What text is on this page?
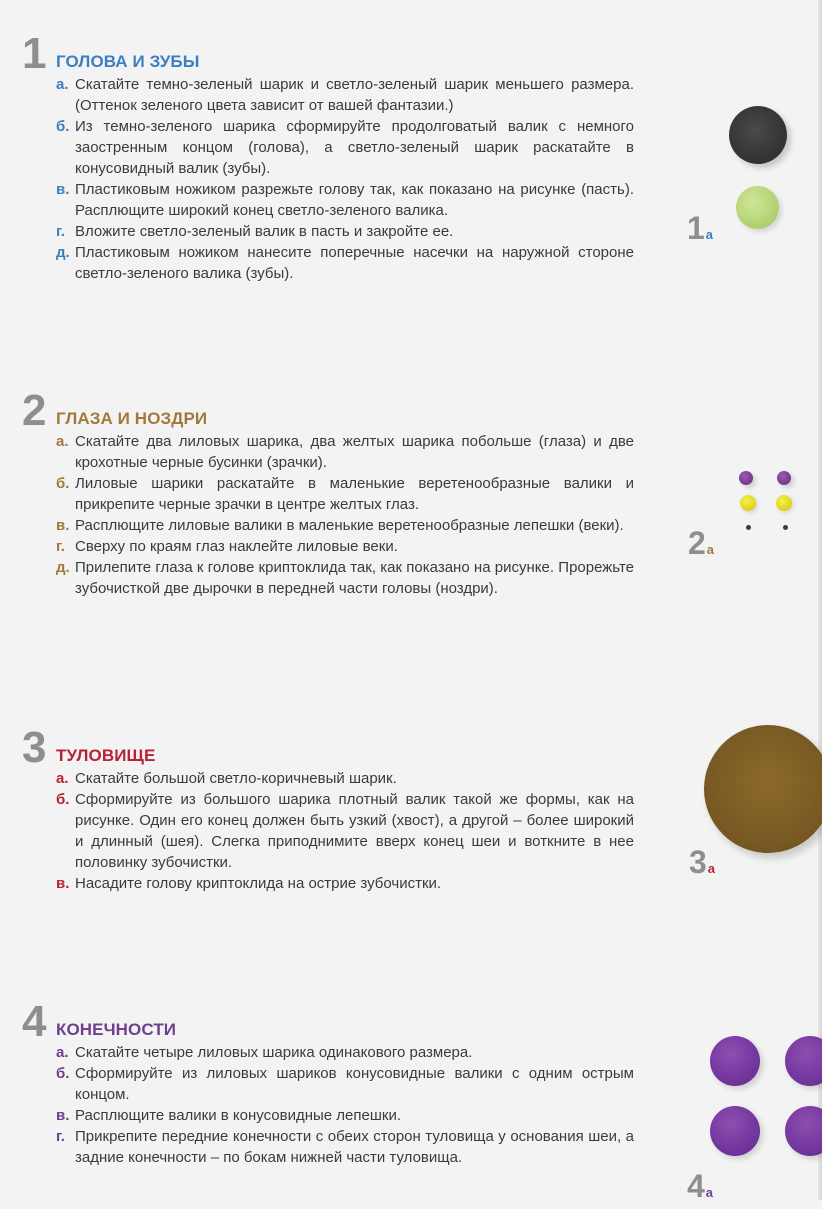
1 ГОЛОВА И ЗУБЫ
а. Скатайте темно-зеленый шарик и светло-зеленый шарик меньшего размера. (Оттенок зеленого цвета зависит от вашей фантазии.)
б. Из темно-зеленого шарика сформируйте продолговатый валик с немного заостренным концом (голова), а светло-зеленый шарик раскатайте в конусовидный валик (зубы).
в. Пластиковым ножиком разрежьте голову так, как показано на рисунке (пасть). Расплющите широкий конец светло-зеленого валика.
г. Вложите светло-зеленый валик в пасть и закройте ее.
д. Пластиковым ножиком нанесите поперечные насечки на наружной стороне светло-зеленого валика (зубы).
1 а
2 ГЛАЗА И НОЗДРИ
а. Скатайте два лиловых шарика, два желтых шарика побольше (глаза) и две крохотные черные бусинки (зрачки).
б. Лиловые шарики раскатайте в маленькие веретенообразные валики и прикрепите черные зрачки в центре желтых глаз.
в. Расплющите лиловые валики в маленькие веретенообразные лепешки (веки).
г. Сверху по краям глаз наклейте лиловые веки.
д. Прилепите глаза к голове криптоклида так, как показано на рисунке. Прорежьте зубочисткой две дырочки в передней части головы (ноздри).
2 а
3 ТУЛОВИЩЕ
а. Скатайте большой светло-коричневый шарик.
б. Сформируйте из большого шарика плотный валик такой же формы, как на рисунке. Один его конец должен быть узкий (хвост), а другой – более широкий и длинный (шея). Слегка приподнимите вверх конец шеи и воткните в нее половинку зубочистки.
в. Насадите голову криптоклида на острие зубочистки.
3 а
4 КОНЕЧНОСТИ
а. Скатайте четыре лиловых шарика одинакового размера.
б. Сформируйте из лиловых шариков конусовидные валики с одним острым концом.
в. Расплющите валики в конусовидные лепешки.
г. Прикрепите передние конечности с обеих сторон туловища у основания шеи, а задние конечности – по бокам нижней части туловища.
4 а
